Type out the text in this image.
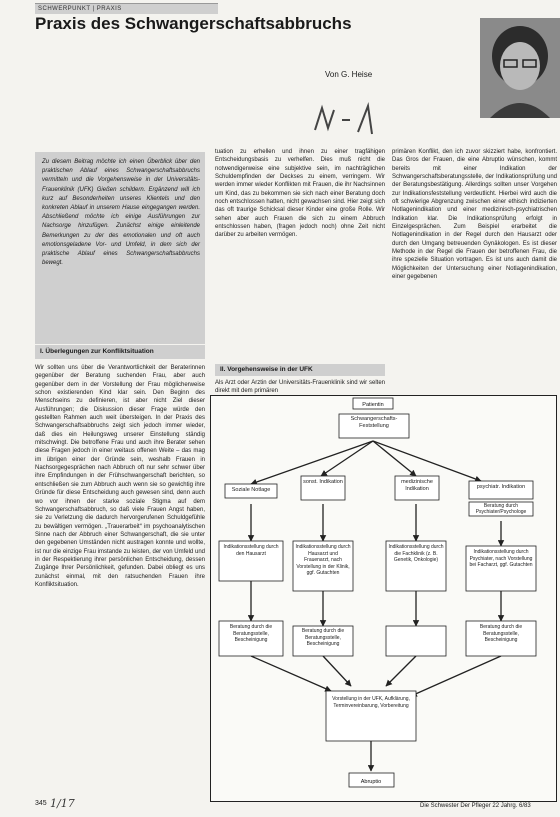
SCHWERPUNKT | PRAXIS
Praxis des Schwangerschaftsabbruchs
Von G. Heise
Zu diesem Beitrag möchte ich einen Überblick über den praktischen Ablauf eines Schwangerschaftsabbruchs vermitteln und die Vorgehensweise in der Universitäts-Frauenklinik (UFK) Gießen schildern. Ergänzend will ich kurz auf Besonderheiten unseres Klientels und den konkreten Ablauf in unserem Hause eingegangen werden. Abschließend möchte ich einige Ausführungen zur Nachsorge hinzufügen. Zunächst einige einleitende Bemerkungen zu der des emotionalen und oft auch emotionsgeladene Vor- und Umfeld, in dem sich der praktische Ablauf eines Schwangerschaftsabbruchs bewegt.
I. Überlegungen zur Konfliktsituation
Wir sollten uns über die Verantwortlichkeit der Beraterinnen gegenüber der Beratung suchenden Frau, aber auch gegenüber dem in der Vorstellung der Frau möglicherweise schon existierenden Kind klar sein. Den Beginn des Menschseins zu definieren, ist aber nicht Ziel dieser Ausführungen; die Diskussion dieser Frage würde den gestellten Rahmen auch weit übersteigen. In der Praxis des Schwangerschaftsabbruchs zeigt sich jedoch immer wieder, daß dies ein Heilungsweg unserer Einstellung ständig mitschwingt. Die betroffene Frau und auch ihre Berater sehen diese Fragen jedoch in einer weitaus offenen Weite – das mag im übrigen einer der Gründe sein, weshalb Frauen in Nachsorgegesprächen nach Abbruch oft nur sehr schwer über ihre Empfindungen in der Frühschwangerschaft berichten, so entschließen sie zum Abbruch auch wenn sie so gewichtig ihre Gründe für diese Entscheidung auch gewesen sind, denn auch wo vor ihnen der starke soziale Stigma auf dem Schwangerschaftsabbruch, so daß viele Frauen Angst haben, sie zu Verletzung die dadurch hervorgerufenen Schuldgefühle zu bewältigen vermögen. „Trauerarbeit“ im psychoanalytischen Sinne nach der Abbruch einer Schwangerschaft, die sie unter den gegebenen Umständen nicht austragen konnte und wollte, ist nur die einzige Frau imstande zu leisten, der von Umfeld und in der Respektierung ihrer persönlichen Entscheidung, dessen Zugänge Ihrer Persönlichkeit, gefunden. Dabei obliegt es uns zunächst einmal, mit den ratsuchenden Frauen ihre Konfliktsituation.
tuation zu erhellen und ihnen zu einer tragfähigen Entscheidungsbasis zu verhelfen. Dies muß nicht die notwendigerweise eine subjektive sein, im nachträglichen Schuldempfinden der Deckses zu einem, verringern. Wir werden immer wieder Konflikten mit Frauen, die ihr Nachsinnen um Kind, das zu bekommen sie sich nach einer Beratung doch noch entschlossen hatten, nicht gewachsen sind. Hier zeigt sich das oft traurige Schicksal dieser Kinder eine große Rolle. Wir sehen aber auch Frauen die sich zu einem Abbruch entschlossen haben, (fragen jedoch noch) ohne Zeit nicht darüber zu arbeiten vermögen.
II. Vorgehensweise in der UFK
Als Arzt oder Ärztin der Universitäts-Frauenklinik sind wir selten direkt mit dem primären
primären Konflikt, den ich zuvor skizziert habe, konfrontiert. Das Gros der Frauen, die eine Abruptio wünschen, kommt bereits mit einer Indikation der Schwangerschaftsberatungsstelle, der Indikationsprüfung und der Beratungsbestätigung. Allerdings sollten unser Vorgehen zur Indikationsfeststellung verdeutlicht. Hierbei wird auch die oft schwierige Abgrenzung zwischen einer ethisch indizierten Notlagenindikation und einer medizinisch-psychiatrischen Indikation klar. Die Indikationsprüfung erfolgt in Einzelgesprächen. Zum Beispiel erarbeitet die Notlagenindikation in der Regel durch den Hausarzt oder durch den Umgang betreuenden Gynäkologen. Es ist dieser Methode in der Regel die Frauen der betroffenen Frau, die ihre spezielle Situation vortragen. Es ist uns auch damit die Möglichkeiten der Untersuchung einer Notlagenindikation, einer gegebenen
Patientin
Schwangerschafts-Feststellung
Soziale Notlage
sonst. Indikation	medizinische Indikation	psychiatr. Indikation
Beratung durch Psychiater/Psychologe
Indikationsstellung durch den Hausarzt
Indikationsstellung durch Hausarzt und Frauenarzt, nach Vorstellung in der Klinik, ggf. Gutachten
Indikationsstellung durch die Fachklinik (z. B. Genetik, Onkologie)
Indikationsstellung durch Psychiater, nach Vorstellung bei Facharzt, ggf. Gutachten
Beratung durch die Beratungsstelle, Bescheinigung
Beratung durch die Beratungsstelle, Bescheinigung
Beratung durch die Beratungsstelle, Bescheinigung
Vorstellung in der UFK, Aufklärung, Terminvereinbarung, Vorbereitung
Abruptio
345 1/17	Die Schwester Der Pfleger 22 Jahrg. 6/83
